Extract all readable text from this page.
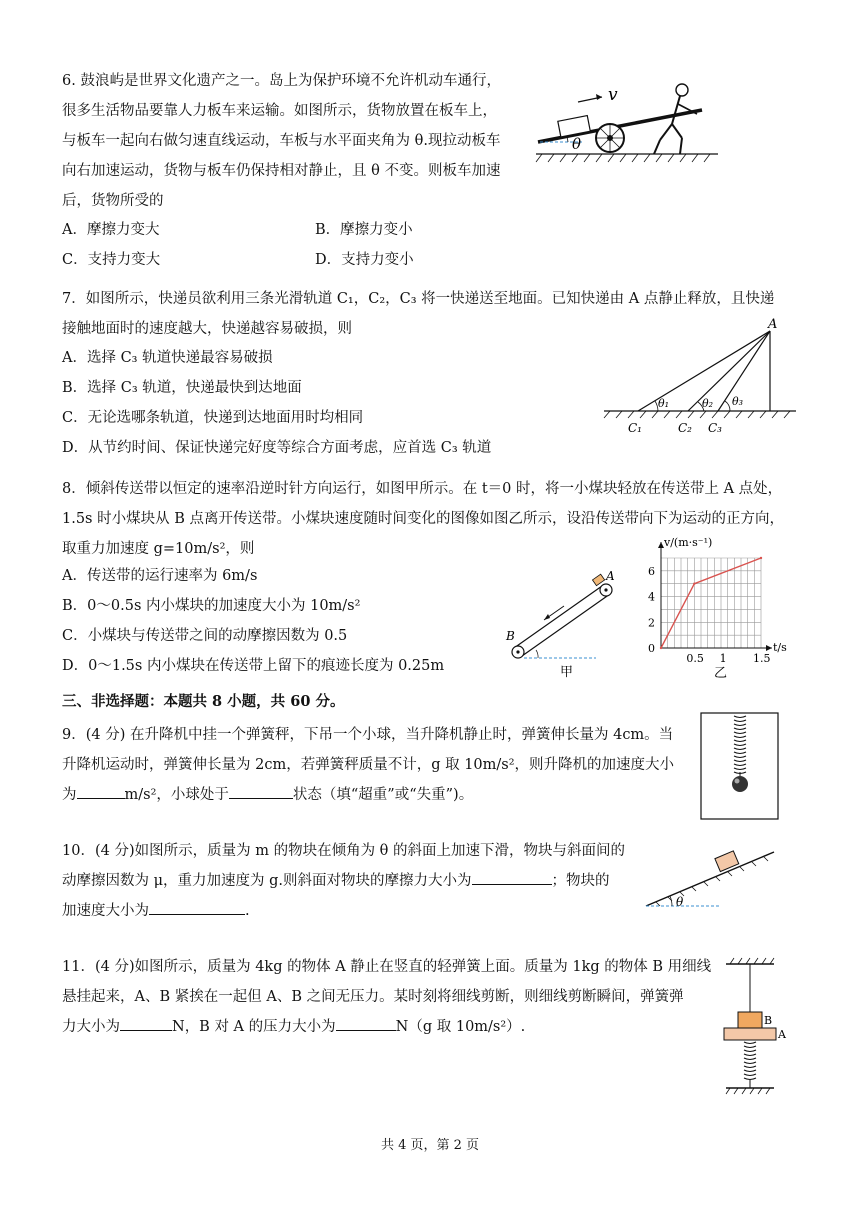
6. 鼓浪屿是世界文化遗产之一。岛上为保护环境不允许机动车通行，
很多生活物品要靠人力板车来运输。如图所示，货物放置在板车上，
与板车一起向右做匀速直线运动，车板与水平面夹角为 θ.现拉动板车
向右加速运动，货物与板车仍保持相对静止，且 θ 不变。则板车加速
后，货物所受的
A．摩擦力变大	B．摩擦力变小
C．支持力变大	D．支持力变小
θ
v
7．如图所示，快递员欲利用三条光滑轨道 C₁，C₂，C₃ 将一快递送至地面。已知快递由 A 点静止释放，且快递
接触地面时的速度越大，快递越容易破损，则
A．选择 C₃ 轨道快递最容易破损
B．选择 C₃ 轨道，快递最快到达地面
C．无论选哪条轨道，快递到达地面用时均相同
D．从节约时间、保证快递完好度等综合方面考虑，应首选 C₃ 轨道
A
θ₁	θ₂ θ₃
C₁	C₂ C₃
8．倾斜传送带以恒定的速率沿逆时针方向运行，如图甲所示。在 t＝0 时，将一小煤块轻放在传送带上 A 点处，
1.5s 时小煤块从 B 点离开传送带。小煤块速度随时间变化的图像如图乙所示，设沿传送带向下为运动的正方向，
取重力加速度 g=10m/s²，则
A．传送带的运行速率为 6m/s
B．0～0.5s 内小煤块的加速度大小为 10m/s²
C．小煤块与传送带之间的动摩擦因数为 0.5
D．0～1.5s 内小煤块在传送带上留下的痕迹长度为 0.25m
A
B
甲
0
2
4
6
0.5 1 1.5
v/(m·s⁻¹)
t/s
乙
三、非选择题：本题共 8 小题，共 60 分。
9．(4 分) 在升降机中挂一个弹簧秤，下吊一个小球，当升降机静止时，弹簧伸长量为 4cm。当
升降机运动时，弹簧伸长量为 2cm，若弹簧秤质量不计，g 取 10m/s²，则升降机的加速度大小
为	m/s²，小球处于	状态（填“超重”或“失重”)。
10．(4 分)如图所示，质量为 m 的物块在倾角为 θ 的斜面上加速下滑，物块与斜面间的
动摩擦因数为 μ，重力加速度为 g.则斜面对物块的摩擦力大小为	；物块的
加速度大小为	.
θ
11．(4 分)如图所示，质量为 4kg 的物体 A 静止在竖直的轻弹簧上面。质量为 1kg 的物体 B 用细线
悬挂起来，A、B 紧挨在一起但 A、B 之间无压力。某时刻将细线剪断，则细线剪断瞬间，弹簧弹
力大小为	N，B 对 A 的压力大小为	N（g 取 10m/s²）.	B
A
共 4 页，第 2 页
